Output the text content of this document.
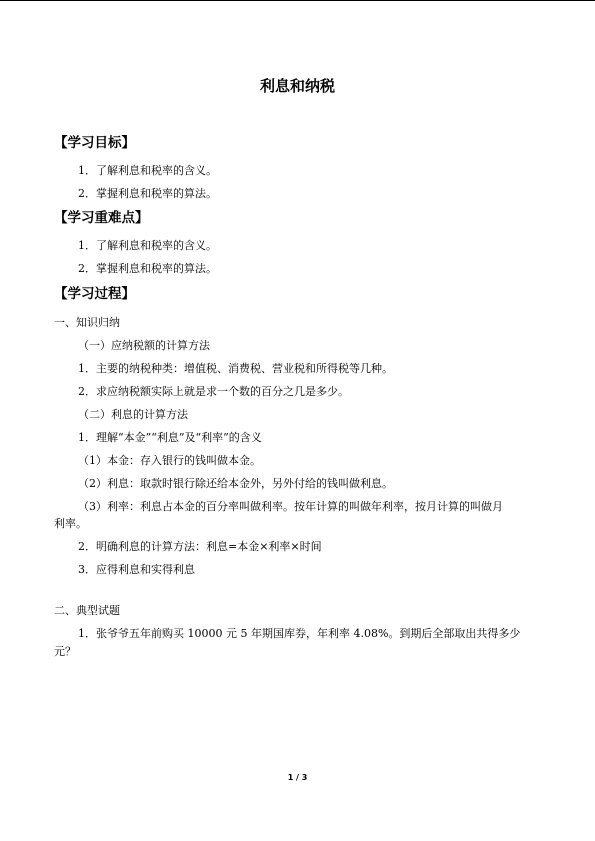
利息和纳税
【学习目标】
1．了解利息和税率的含义。
2．掌握利息和税率的算法。
【学习重难点】
1．了解利息和税率的含义。
2．掌握利息和税率的算法。
【学习过程】
一、知识归纳
（一）应纳税额的计算方法
1．主要的纳税种类：增值税、消费税、营业税和所得税等几种。
2．求应纳税额实际上就是求一个数的百分之几是多少。
（二）利息的计算方法
1．理解“本金”“利息”及“利率”的含义
（1）本金：存入银行的钱叫做本金。
（2）利息：取款时银行除还给本金外，另外付给的钱叫做利息。
（3）利率：利息占本金的百分率叫做利率。按年计算的叫做年利率，按月计算的叫做月
利率。
2．明确利息的计算方法：利息=本金×利率×时间
3．应得利息和实得利息
二、典型试题
1．张爷爷五年前购买 10000 元 5 年期国库券，年利率 4.08%。到期后全部取出共得多少
元？
1 / 3
